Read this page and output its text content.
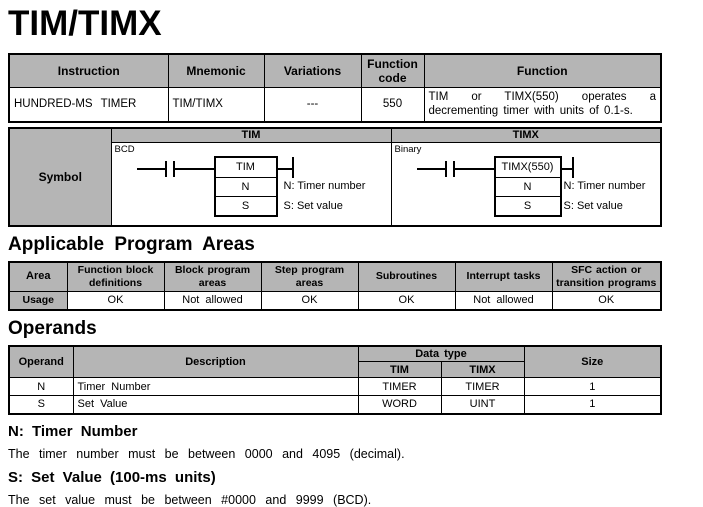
TIM/TIMX
Instruction	Mnemonic	Variations	Function code	Function
HUNDRED-MS TIMER	TIM/TIMX	---	550	TIM or TIMX(550) operates a decrementing timer with units of 0.1-s.
Symbol	TIM	TIMX

BCD
TIM
N
S
N: Timer number
S: Set value

Binary
TIMX(550)
N
S
N: Timer number
S: Set value
Applicable Program Areas
Area	Function block definitions	Block program areas	Step program areas	Subroutines	Interrupt tasks	SFC action or transition programs
Usage	OK	Not allowed	OK	OK	Not allowed	OK
Operands
Operand	Description	Data type		Size
		TIM	TIMX	
N	Timer Number	TIMER	TIMER	1
S	Set Value	WORD	UINT	1
N: Timer Number

The timer number must be between 0000 and 4095 (decimal).

S: Set Value (100-ms units)

The set value must be between #0000 and 9999 (BCD).
